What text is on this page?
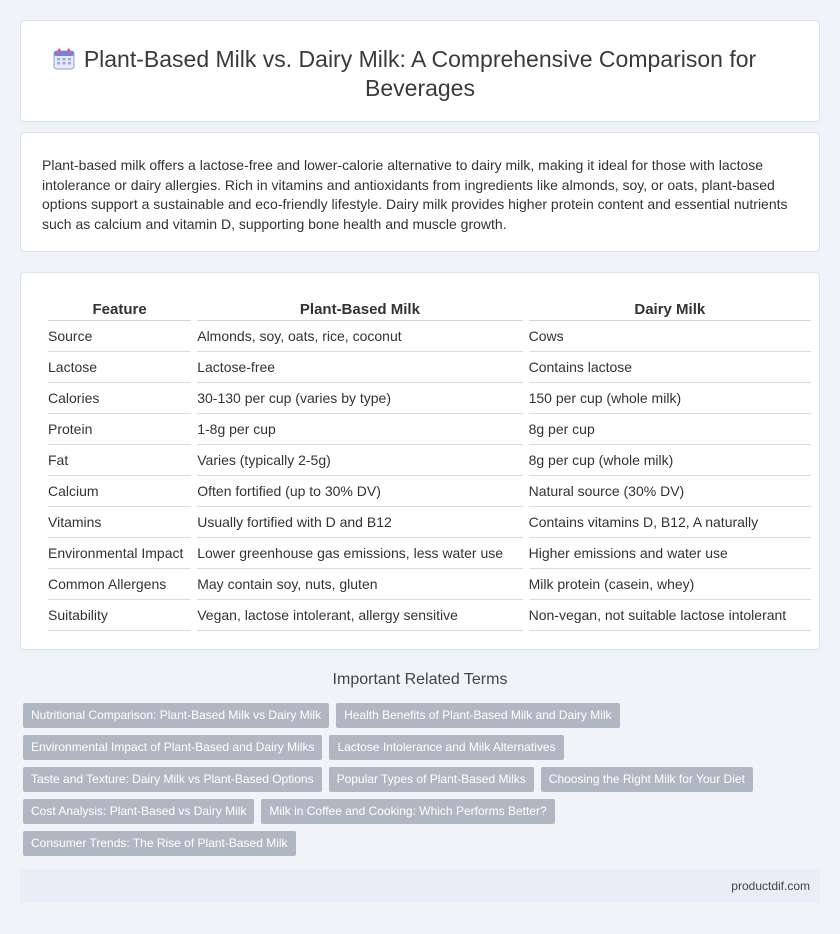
Plant-Based Milk vs. Dairy Milk: A Comprehensive Comparison for Beverages

Plant-based milk offers a lactose-free and lower-calorie alternative to dairy milk, making it ideal for those with lactose intolerance or dairy allergies. Rich in vitamins and antioxidants from ingredients like almonds, soy, or oats, plant-based options support a sustainable and eco-friendly lifestyle. Dairy milk provides higher protein content and essential nutrients such as calcium and vitamin D, supporting bone health and muscle growth.

Feature	Plant-Based Milk	Dairy Milk
Source	Almonds, soy, oats, rice, coconut	Cows
Lactose	Lactose-free	Contains lactose
Calories	30-130 per cup (varies by type)	150 per cup (whole milk)
Protein	1-8g per cup	8g per cup
Fat	Varies (typically 2-5g)	8g per cup (whole milk)
Calcium	Often fortified (up to 30% DV)	Natural source (30% DV)
Vitamins	Usually fortified with D and B12	Contains vitamins D, B12, A naturally
Environmental Impact	Lower greenhouse gas emissions, less water use	Higher emissions and water use
Common Allergens	May contain soy, nuts, gluten	Milk protein (casein, whey)
Suitability	Vegan, lactose intolerant, allergy sensitive	Non-vegan, not suitable lactose intolerant
Important Related Terms
Nutritional Comparison: Plant-Based Milk vs Dairy Milk	Health Benefits of Plant-Based Milk and Dairy Milk
Environmental Impact of Plant-Based and Dairy Milks	Lactose Intolerance and Milk Alternatives
Taste and Texture: Dairy Milk vs Plant-Based Options	Popular Types of Plant-Based Milks	Choosing the Right Milk for Your Diet
Cost Analysis: Plant-Based vs Dairy Milk	Milk in Coffee and Cooking: Which Performs Better?
Consumer Trends: The Rise of Plant-Based Milk
productdif.com
